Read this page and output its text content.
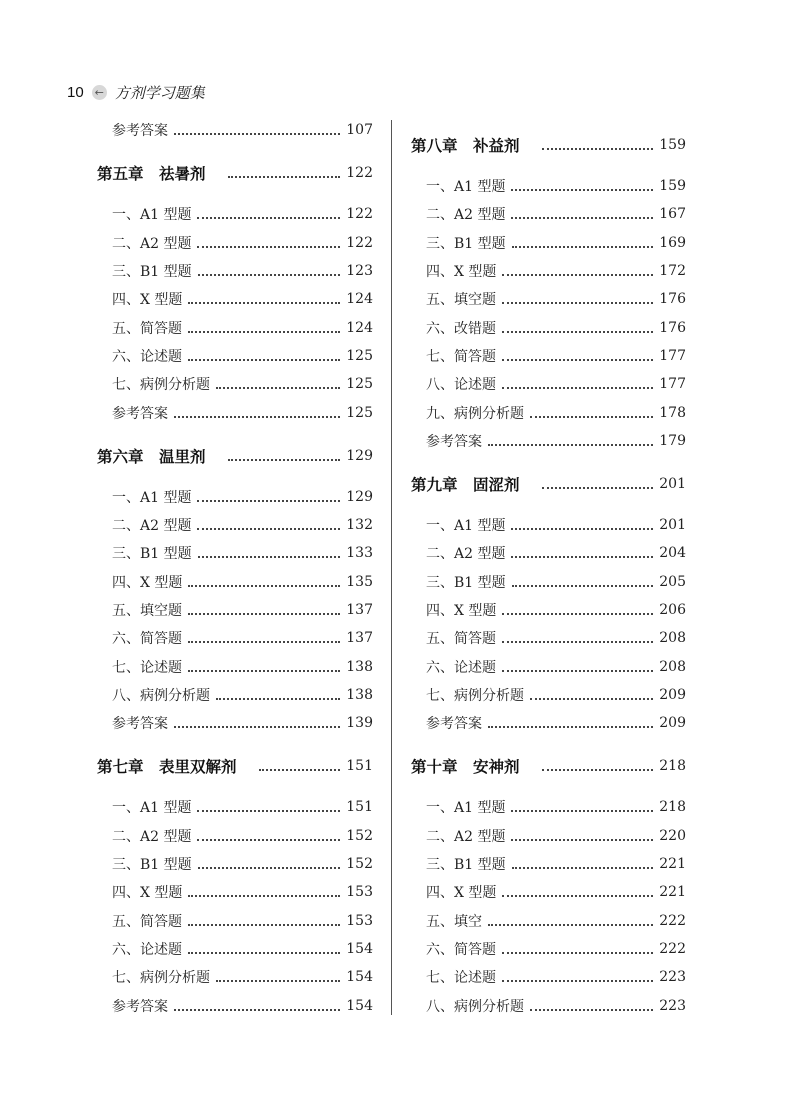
10 ← 方剂学习题集
参考答案	107
第五章　祛暑剂	122
一、A1 型题	122
二、A2 型题	122
三、B1 型题	123
四、X 型题	124
五、简答题	124
六、论述题	125
七、病例分析题	125
参考答案	125
第六章　温里剂	129
一、A1 型题	129
二、A2 型题	132
三、B1 型题	133
四、X 型题	135
五、填空题	137
六、简答题	137
七、论述题	138
八、病例分析题	138
参考答案	139
第七章　表里双解剂	151
一、A1 型题	151
二、A2 型题	152
三、B1 型题	152
四、X 型题	153
五、简答题	153
六、论述题	154
七、病例分析题	154
参考答案	154
第八章　补益剂	159
一、A1 型题	159
二、A2 型题	167
三、B1 型题	169
四、X 型题	172
五、填空题	176
六、改错题	176
七、简答题	177
八、论述题	177
九、病例分析题	178
参考答案	179
第九章　固涩剂	201
一、A1 型题	201
二、A2 型题	204
三、B1 型题	205
四、X 型题	206
五、简答题	208
六、论述题	208
七、病例分析题	209
参考答案	209
第十章　安神剂	218
一、A1 型题	218
二、A2 型题	220
三、B1 型题	221
四、X 型题	221
五、填空	222
六、简答题	222
七、论述题	223
八、病例分析题	223
